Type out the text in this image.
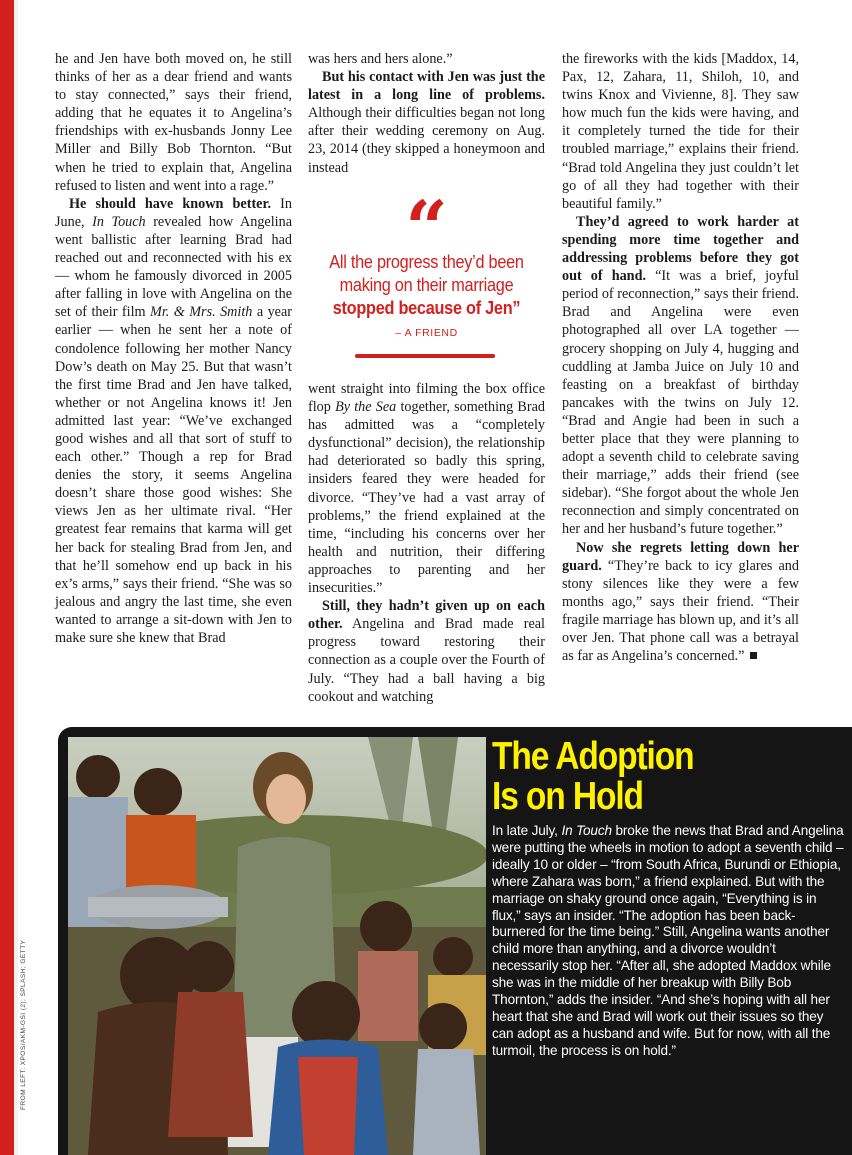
he and Jen have both moved on, he still thinks of her as a dear friend and wants to stay connected,” says their friend, adding that he equates it to Angelina’s friendships with ex-husbands Jonny Lee Miller and Billy Bob Thornton. “But when he tried to explain that, Angelina refused to listen and went into a rage.”

He should have known better. In June, In Touch revealed how Angelina went ballistic after learning Brad had reached out and reconnected with his ex — whom he famously divorced in 2005 after falling in love with Angelina on the set of their film Mr. & Mrs. Smith a year earlier — when he sent her a note of condolence following her mother Nancy Dow’s death on May 25. But that wasn’t the first time Brad and Jen have talked, whether or not Angelina knows it! Jen admitted last year: “We’ve exchanged good wishes and all that sort of stuff to each other.” Though a rep for Brad denies the story, it seems Angelina doesn’t share those good wishes: She views Jen as her ultimate rival. “Her greatest fear remains that karma will get her back for stealing Brad from Jen, and that he’ll somehow end up back in his ex’s arms,” says their friend. “She was so jealous and angry the last time, she even wanted to arrange a sit-down with Jen to make sure she knew that Brad

was hers and hers alone.”

But his contact with Jen was just the latest in a long line of problems. Although their difficulties began not long after their wedding ceremony on Aug. 23, 2014 (they skipped a honeymoon and instead

“
All the progress they’d been making on their marriage stopped because of Jen”
– A FRIEND

went straight into filming the box office flop By the Sea together, something Brad has admitted was a “completely dysfunctional” decision), the relationship had deteriorated so badly this spring, insiders feared they were headed for divorce. “They’ve had a vast array of problems,” the friend explained at the time, “including his concerns over her health and nutrition, their differing approaches to parenting and her insecurities.”

Still, they hadn’t given up on each other. Angelina and Brad made real progress toward restoring their connection as a couple over the Fourth of July. “They had a ball having a big cookout and watching

the fireworks with the kids [Maddox, 14, Pax, 12, Zahara, 11, Shiloh, 10, and twins Knox and Vivienne, 8]. They saw how much fun the kids were having, and it completely turned the tide for their troubled marriage,” explains their friend. “Brad told Angelina they just couldn’t let go of all they had together with their beautiful family.”

They’d agreed to work harder at spending more time together and addressing problems before they got out of hand. “It was a brief, joyful period of reconnection,” says their friend. Brad and Angelina were even photographed all over LA together — grocery shopping on July 4, hugging and cuddling at Jamba Juice on July 10 and feasting on a breakfast of birthday pancakes with the twins on July 12. “Brad and Angie had been in such a better place that they were planning to adopt a seventh child to celebrate saving their marriage,” adds their friend (see sidebar). “She forgot about the whole Jen reconnection and simply concentrated on her and her husband’s future together.”

Now she regrets letting down her guard. “They’re back to icy glares and stony silences like they were a few months ago,” says their friend. “Their fragile marriage has blown up, and it’s all over Jen. That phone call was a betrayal as far as Angelina’s concerned.”

FROM LEFT: XPOS/AKM-GSI (2); SPLASH; GETTY
The Adoption
Is on Hold

In late July, In Touch broke the news that Brad and Angelina were putting the wheels in motion to adopt a seventh child – ideally 10 or older – “from South Africa, Burundi or Ethiopia, where Zahara was born,” a friend explained. But with the marriage on shaky ground once again, “Everything is in flux,” says an insider. “The adoption has been back-burnered for the time being.” Still, Angelina wants another child more than anything, and a divorce wouldn’t necessarily stop her. “After all, she adopted Maddox while she was in the middle of her breakup with Billy Bob Thornton,” adds the insider. “And she’s hoping with all her heart that she and Brad will work out their issues so they can adopt as a husband and wife. But for now, with all the turmoil, the process is on hold.”
